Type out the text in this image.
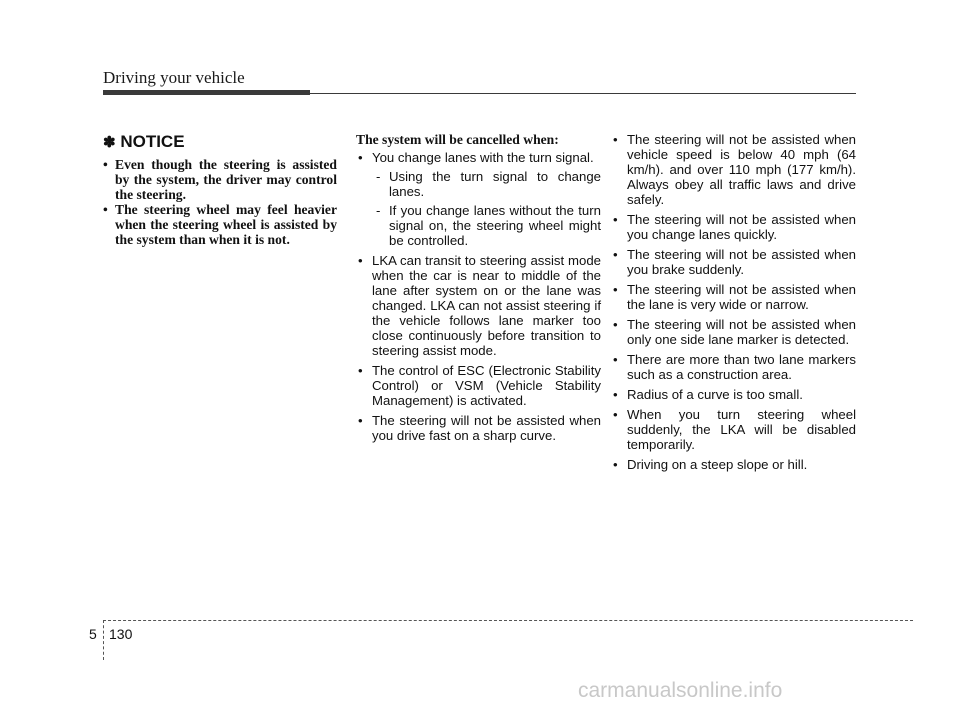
Driving your vehicle
✽ NOTICE
• Even though the steering is assisted by the system, the driver may control the steering.
• The steering wheel may feel heavier when the steering wheel is assisted by the system than when it is not.
The system will be cancelled when:
• You change lanes with the turn signal.
- Using the turn signal to change lanes.
- If you change lanes without the turn signal on, the steering wheel might be controlled.
• LKA can transit to steering assist mode when the car is near to middle of the lane after system on or the lane was changed. LKA can not assist steering if the vehicle follows lane marker too close continuously before transition to steering assist mode.
• The control of ESC (Electronic Stability Control) or VSM (Vehicle Stability Management) is activated.
• The steering will not be assisted when you drive fast on a sharp curve.
• The steering will not be assisted when vehicle speed is below 40 mph (64 km/h). and over 110 mph (177 km/h). Always obey all traffic laws and drive safely.
• The steering will not be assisted when you change lanes quickly.
• The steering will not be assisted when you brake suddenly.
• The steering will not be assisted when the lane is very wide or narrow.
• The steering will not be assisted when only one side lane marker is detected.
• There are more than two lane markers such as a construction area.
• Radius of a curve is too small.
• When you turn steering wheel suddenly, the LKA will be disabled temporarily.
• Driving on a steep slope or hill.
5 130
carmanualsonline.info
